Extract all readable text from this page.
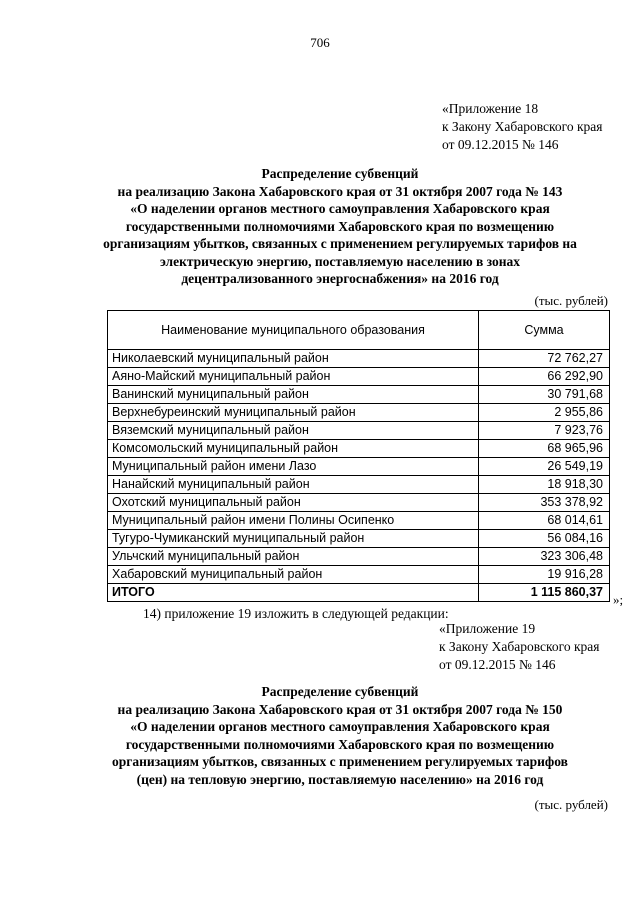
706
«Приложение 18
к Закону Хабаровского края
от 09.12.2015 № 146
Распределение субвенций
на реализацию Закона Хабаровского края от 31 октября 2007 года № 143
«О наделении органов местного самоуправления Хабаровского края
государственными полномочиями Хабаровского края по возмещению
организациям убытков, связанных с применением регулируемых тарифов на
электрическую энергию, поставляемую населению в зонах
децентрализованного энергоснабжения» на 2016 год
(тыс. рублей)
Наименование муниципального образования	Сумма
Николаевский муниципальный район	72 762,27
Аяно-Майский муниципальный район	66 292,90
Ванинский муниципальный район	30 791,68
Верхнебуреинский муниципальный район	2 955,86
Вяземский муниципальный район	7 923,76
Комсомольский муниципальный район	68 965,96
Муниципальный район имени Лазо	26 549,19
Нанайский муниципальный район	18 918,30
Охотский муниципальный район	353 378,92
Муниципальный район имени Полины Осипенко	68 014,61
Тугуро-Чумиканский муниципальный район	56 084,16
Ульчский муниципальный район	323 306,48
Хабаровский муниципальный район	19 916,28
ИТОГО	1 115 860,37 »;
14) приложение 19 изложить в следующей редакции:
«Приложение 19
к Закону Хабаровского края
от 09.12.2015 № 146
Распределение субвенций
на реализацию Закона Хабаровского края от 31 октября 2007 года № 150
«О наделении органов местного самоуправления Хабаровского края
государственными полномочиями Хабаровского края по возмещению
организациям убытков, связанных с применением регулируемых тарифов
(цен) на тепловую энергию, поставляемую населению» на 2016 год
(тыс. рублей)
